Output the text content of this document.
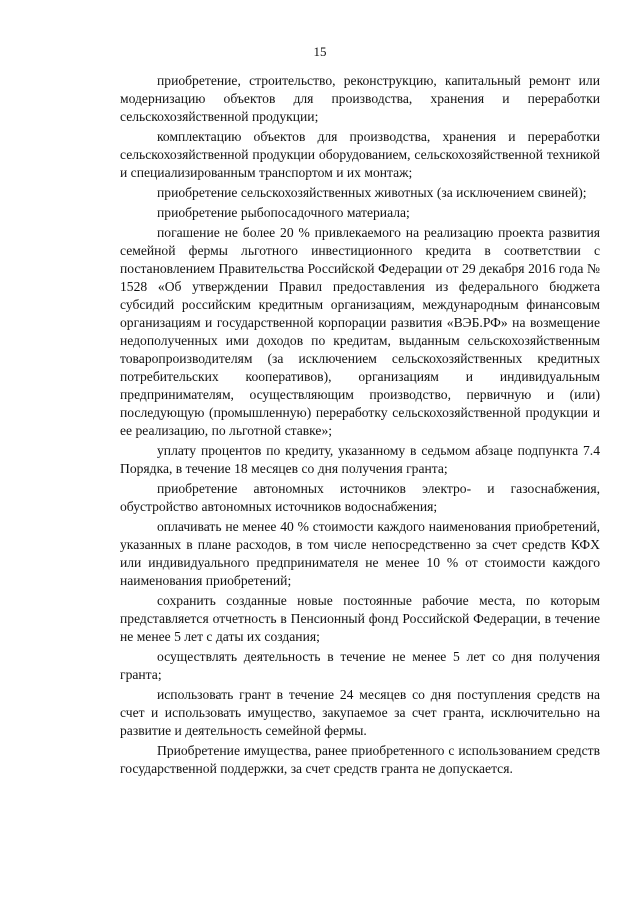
15

приобретение, строительство, реконструкцию, капитальный ремонт или модернизацию объектов для производства, хранения и переработки сельскохозяйственной продукции;

комплектацию объектов для производства, хранения и переработки сельскохозяйственной продукции оборудованием, сельскохозяйственной техникой и специализированным транспортом и их монтаж;

приобретение сельскохозяйственных животных (за исключением свиней);

приобретение рыбопосадочного материала;

погашение не более 20 % привлекаемого на реализацию проекта развития семейной фермы льготного инвестиционного кредита в соответствии с постановлением Правительства Российской Федерации от 29 декабря 2016 года № 1528 «Об утверждении Правил предоставления из федерального бюджета субсидий российским кредитным организациям, международным финансовым организациям и государственной корпорации развития «ВЭБ.РФ» на возмещение недополученных ими доходов по кредитам, выданным сельскохозяйственным товаропроизводителям (за исключением сельскохозяйственных кредитных потребительских кооперативов), организациям и индивидуальным предпринимателям, осуществляющим производство, первичную и (или) последующую (промышленную) переработку сельскохозяйственной продукции и ее реализацию, по льготной ставке»;

уплату процентов по кредиту, указанному в седьмом абзаце подпункта 7.4 Порядка, в течение 18 месяцев со дня получения гранта;

приобретение автономных источников электро- и газоснабжения, обустройство автономных источников водоснабжения;

оплачивать не менее 40 % стоимости каждого наименования приобретений, указанных в плане расходов, в том числе непосредственно за счет средств КФХ или индивидуального предпринимателя не менее 10 % от стоимости каждого наименования приобретений;

сохранить созданные новые постоянные рабочие места, по которым представляется отчетность в Пенсионный фонд Российской Федерации, в течение не менее 5 лет с даты их создания;

осуществлять деятельность в течение не менее 5 лет со дня получения гранта;

использовать грант в течение 24 месяцев со дня поступления средств на счет и использовать имущество, закупаемое за счет гранта, исключительно на развитие и деятельность семейной фермы.

Приобретение имущества, ранее приобретенного с использованием средств государственной поддержки, за счет средств гранта не допускается.
